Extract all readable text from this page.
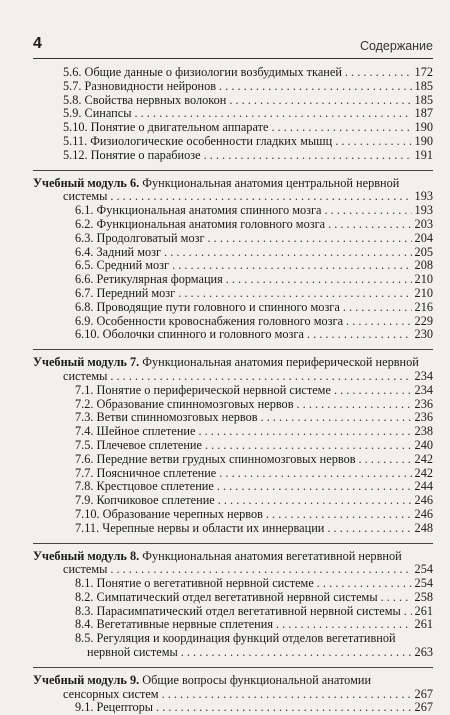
4	Содержание
5.6. Общие данные о физиологии возбудимых тканей . . .	172
5.7. Разновидности нейронов . . .	185
5.8. Свойства нервных волокон . . .	185
5.9. Синапсы . . .	187
5.10. Понятие о двигательном аппарате . . .	190
5.11. Физиологические особенности гладких мышц . . .	190
5.12. Понятие о парабиозе . . .	191
Учебный модуль 6. Функциональная анатомия центральной нервной
системы . . .	193
6.1. Функциональная анатомия спинного мозга . . .	193
6.2. Функциональная анатомия головного мозга . . .	203
6.3. Продолговатый мозг . . .	204
6.4. Задний мозг . . .	205
6.5. Средний мозг . . .	208
6.6. Ретикулярная формация . . .	210
6.7. Передний мозг . . .	210
6.8. Проводящие пути головного и спинного мозга . . .	216
6.9. Особенности кровоснабжения головного мозга . . .	229
6.10. Оболочки спинного и головного мозга . . .	230
Учебный модуль 7. Функциональная анатомия периферической нервной
системы . . .	234
7.1. Понятие о периферической нервной системе . . .	234
7.2. Образование спинномозговых нервов . . .	236
7.3. Ветви спинномозговых нервов . . .	236
7.4. Шейное сплетение . . .	238
7.5. Плечевое сплетение . . .	240
7.6. Передние ветви грудных спинномозговых нервов . . .	242
7.7. Поясничное сплетение . . .	242
7.8. Крестцовое сплетение . . .	244
7.9. Копчиковое сплетение . . .	246
7.10. Образование черепных нервов . . .	246
7.11. Черепные нервы и области их иннервации . . .	248
Учебный модуль 8. Функциональная анатомия вегетативной нервной
системы . . .	254
8.1. Понятие о вегетативной нервной системе . . .	254
8.2. Симпатический отдел вегетативной нервной системы . . .	258
8.3. Парасимпатический отдел вегетативной нервной системы . . . 261
8.4. Вегетативные нервные сплетения . . .	261
8.5. Регуляция и координация функций отделов вегетативной
нервной системы . . .	263
Учебный модуль 9. Общие вопросы функциональной анатомии
сенсорных систем . . .	267
9.1. Рецепторы . . .	267
